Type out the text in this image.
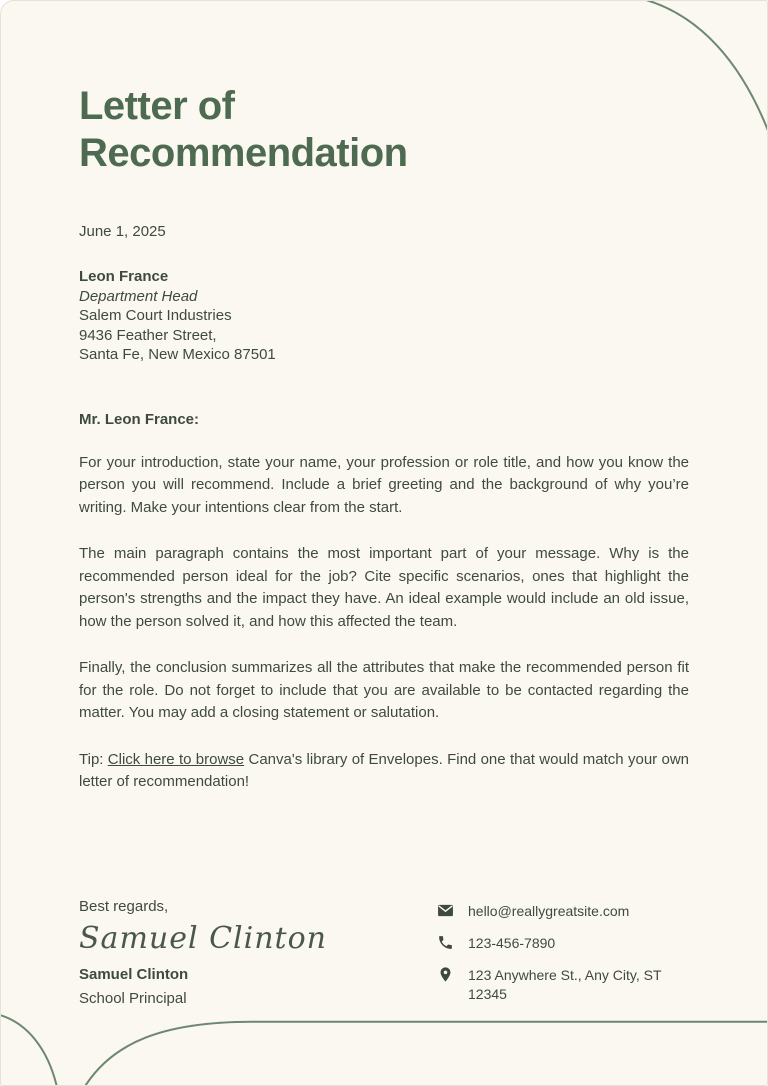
Letter of
Recommendation
June 1, 2025
Leon France
Department Head
Salem Court Industries
9436 Feather Street,
Santa Fe, New Mexico 87501
Mr. Leon France:

For your introduction, state your name, your profession or role title, and how you know the person you will recommend. Include a brief greeting and the background of why you’re writing. Make your intentions clear from the start.

The main paragraph contains the most important part of your message. Why is the recommended person ideal for the job? Cite specific scenarios, ones that highlight the person's strengths and the impact they have. An ideal example would include an old issue, how the person solved it, and how this affected the team.

Finally, the conclusion summarizes all the attributes that make the recommended person fit for the role. Do not forget to include that you are available to be contacted regarding the matter. You may add a closing statement or salutation.

Tip: Click here to browse Canva's library of Envelopes. Find one that would match your own letter of recommendation!

Best regards,
Samuel Clinton
Samuel Clinton
School Principal
hello@reallygreatsite.com
123-456-7890
123 Anywhere St., Any City, ST 12345
